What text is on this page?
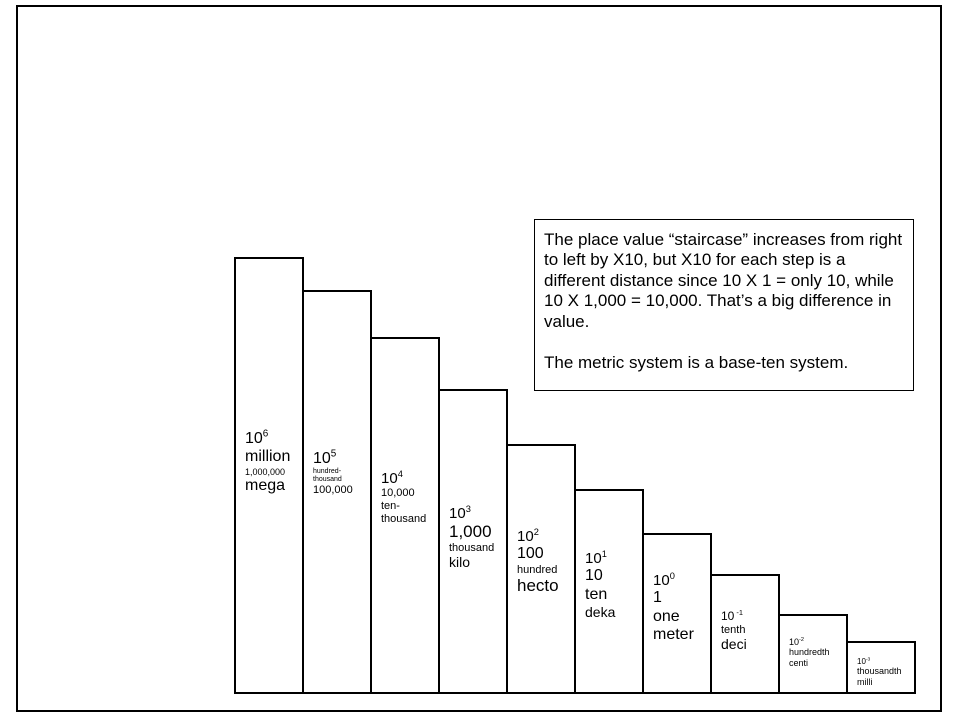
$10^6$
million
1,000,000
mega
$10^5$
hundred-
thousand
100,000
$10^4$
10,000
ten-
thousand $10^3$
1,000
thousand
kilo
$10^2$
100
hundred
hecto
$10^1$
10
ten
deka
$10^0$
1
one
meter
10 $^{-1}$
tenth
deci	$10^{-2}$
hundredth
centi	$10^{-3}$
thousandth
milli

The place value “staircase” increases from right to left by X10, but X10 for each step is a different distance since 10 X 1 = only 10, while 10 X 1,000 = 10,000. That’s a big difference in value.

The metric system is a base-ten system.
